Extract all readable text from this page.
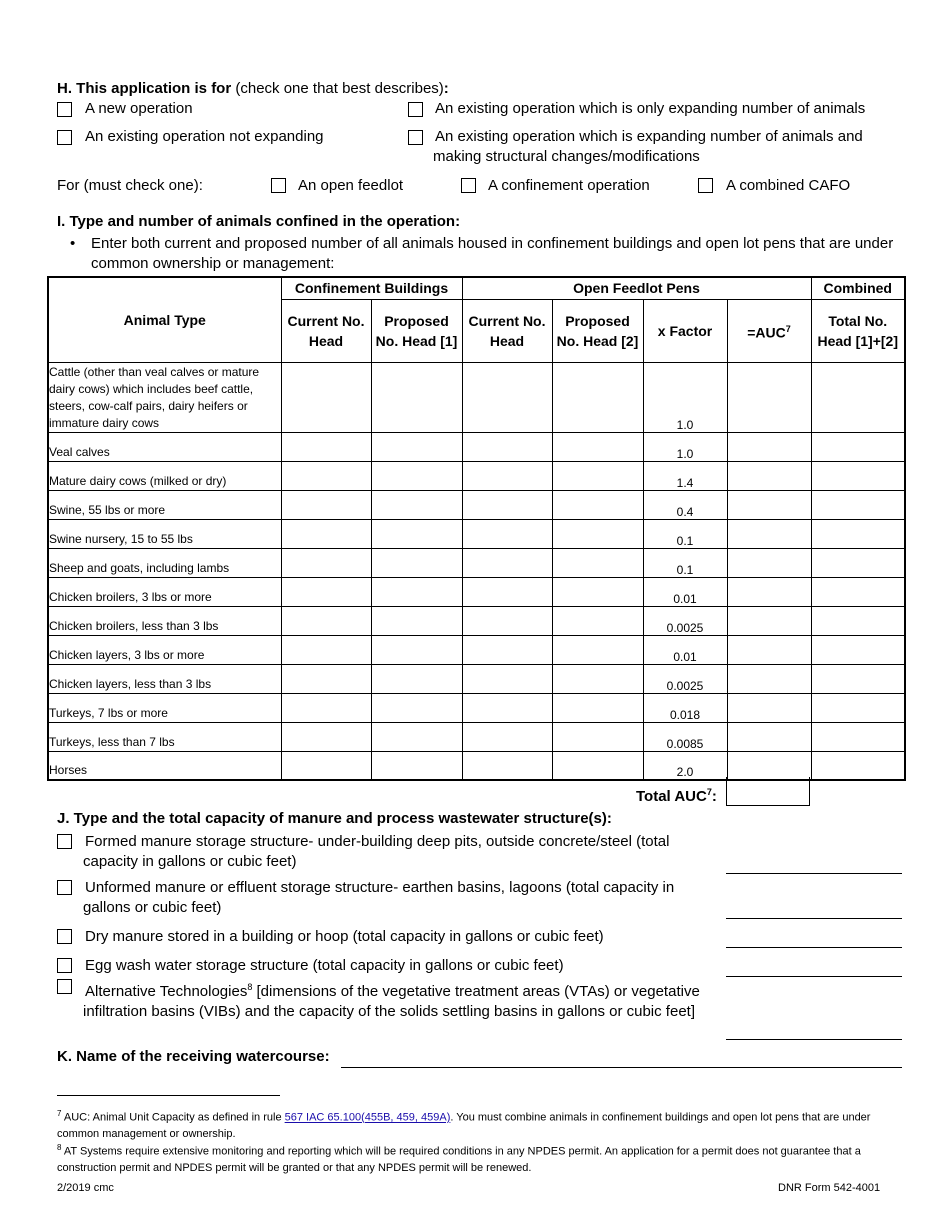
H. This application is for (check one that best describes):
A new operation	An existing operation which is only expanding number of animals
An existing operation not expanding	An existing operation which is expanding number of animals and making structural changes/modifications
For (must check one):	An open feedlot	A confinement operation	A combined CAFO
I. Type and number of animals confined in the operation:
• Enter both current and proposed number of all animals housed in confinement buildings and open lot pens that are under common ownership or management:
Animal Type	Confinement Buildings		Open Feedlot Pens				Combined
	Current No. Head	Proposed No. Head [1]	Current No. Head	Proposed No. Head [2]	x Factor	$=AUC^7$	Total No. Head [1]+[2]
Cattle (other than veal calves or mature dairy cows) which includes beef cattle, steers, cow-calf pairs, dairy heifers or immature dairy cows					1.0		
Veal calves					1.0		
Mature dairy cows (milked or dry)					1.4		
Swine, 55 lbs or more					0.4		
Swine nursery, 15 to 55 lbs					0.1		
Sheep and goats, including lambs					0.1		
Chicken broilers, 3 lbs or more					0.01		
Chicken broilers, less than 3 lbs					0.0025		
Chicken layers, 3 lbs or more					0.01		
Chicken layers, less than 3 lbs					0.0025		
Turkeys, 7 lbs or more					0.018		
Turkeys, less than 7 lbs					0.0085		
Horses					2.0		
Total AUC$^7$:
J. Type and the total capacity of manure and process wastewater structure(s):
Formed manure storage structure- under-building deep pits, outside concrete/steel (total capacity in gallons or cubic feet)
Unformed manure or effluent storage structure- earthen basins, lagoons (total capacity in gallons or cubic feet)
Dry manure stored in a building or hoop (total capacity in gallons or cubic feet)
Egg wash water storage structure (total capacity in gallons or cubic feet)
Alternative Technologies$^8$ [dimensions of the vegetative treatment areas (VTAs) or vegetative infiltration basins (VIBs) and the capacity of the solids settling basins in gallons or cubic feet]
K. Name of the receiving watercourse:
$^7$ AUC: Animal Unit Capacity as defined in rule 567 IAC 65.100(455B, 459, 459A). You must combine animals in confinement buildings and open lot pens that are under common management or ownership.
$^8$ AT Systems require extensive monitoring and reporting which will be required conditions in any NPDES permit. An application for a permit does not guarantee that a construction permit and NPDES permit will be granted or that any NPDES permit will be renewed.
2/2019 cmc	DNR Form 542-4001
